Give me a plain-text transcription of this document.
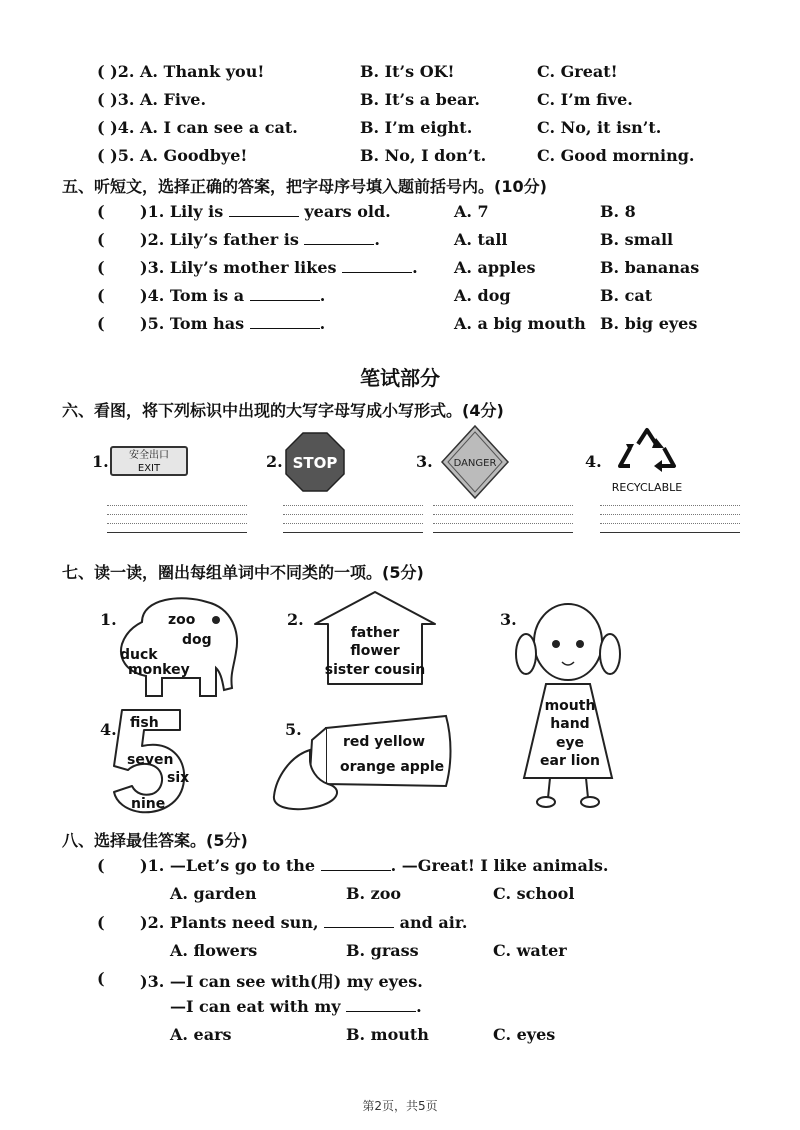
( )2. A. Thank you!	B. It’s OK!	C. Great!
( )3. A. Five.	B. It’s a bear.	C. I’m five.
( )4. A. I can see a cat.	B. I’m eight.	C. No, it isn’t.
( )5. A. Goodbye!	B. No, I don’t.	C. Good morning.
五、听短文，选择正确的答案，把字母序号填入题前括号内。(10分)
( )1. Lily is	years old.	A. 7	B. 8
( )2. Lily’s father is	.	A. tall	B. small
( )3. Lily’s mother likes	. A. apples	B. bananas
( )4. Tom is a	.	A. dog	B. cat
( )5. Tom has	.	A. a big mouth B. big eyes
笔试部分
六、看图，将下列标识中出现的大写字母写成小写形式。(4分)
1.	安全出口
EXIT	2. STOP	3. DANGER	4.
RECYCLABLE
七、读一读，圈出每组单词中不同类的一项。(5分)
1.	zoo
dog
duck
monkey
2.
father
flower
sister cousin
3.
mouth
hand
eye
ear lion
4. fish
seven
six
nine
5.
red yellow
orange apple
八、选择最佳答案。(5分)
( )1. —Let’s go to the	. —Great! I like animals.
A. garden	B. zoo	C. school
( )2. Plants need sun,	and air.
A. flowers	B. grass	C. water
( )3. —I can see with(用) my eyes.
—I can eat with my	.
A. ears	B. mouth	C. eyes
第2页，共5页
